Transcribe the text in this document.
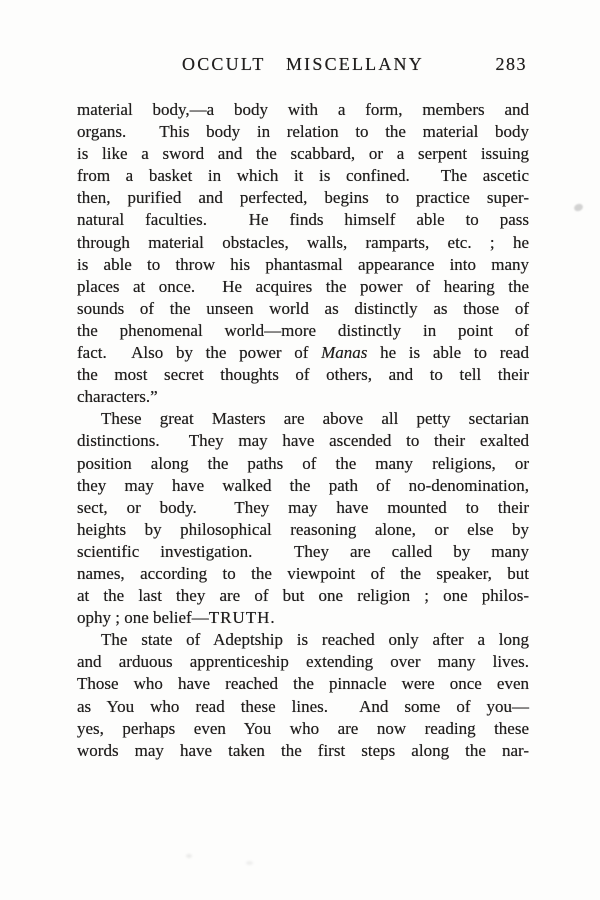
OCCULT MISCELLANY	283
material body,—a body with a form, members and
organs.  This body in relation to the material body
is like a sword and the scabbard, or a serpent issuing
from a basket in which it is confined.  The ascetic
then, purified and perfected, begins to practice super-
natural faculties.  He finds himself able to pass
through material obstacles, walls, ramparts, etc. ; he
is able to throw his phantasmal appearance into many
places at once.  He acquires the power of hearing the
sounds of the unseen world as distinctly as those of
the phenomenal world—more distinctly in point of
fact.  Also by the power of Manas he is able to read
the most secret thoughts of others, and to tell their
characters.”
These great Masters are above all petty sectarian
distinctions.  They may have ascended to their exalted
position along the paths of the many religions, or
they may have walked the path of no-denomination,
sect, or body.  They may have mounted to their
heights by philosophical reasoning alone, or else by
scientific investigation.  They are called by many
names, according to the viewpoint of the speaker, but
at the last they are of but one religion ; one philos-
ophy ; one belief—TRUTH.
The state of Adeptship is reached only after a long
and arduous apprenticeship extending over many lives.
Those who have reached the pinnacle were once even
as You who read these lines.  And some of you—
yes, perhaps even You who are now reading these
words may have taken the first steps along the nar-
